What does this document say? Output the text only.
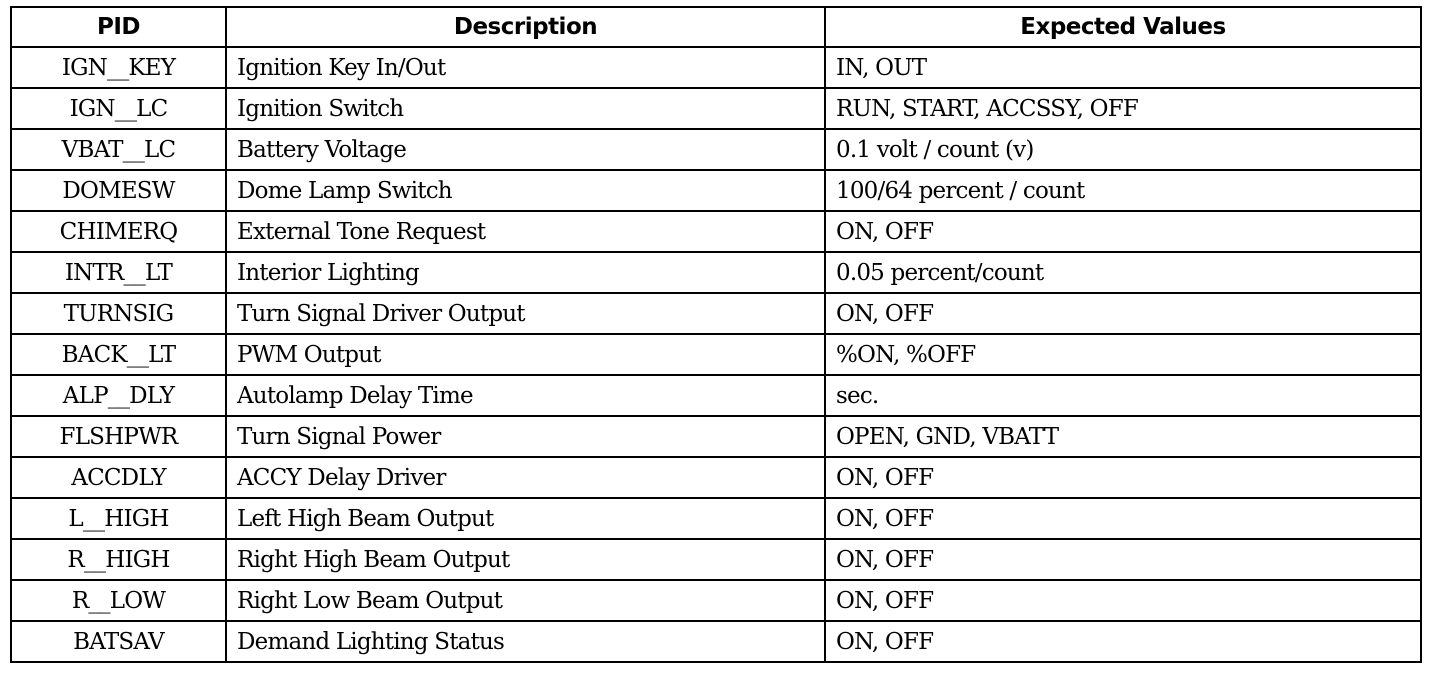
PID	Description	Expected Values
IGN__KEY	Ignition Key In/Out	IN, OUT
IGN__LC	Ignition Switch	RUN, START, ACCSSY, OFF
VBAT__LC	Battery Voltage	0.1 volt / count (v)
DOMESW	Dome Lamp Switch	100/64 percent / count
CHIMERQ	External Tone Request	ON, OFF
INTR__LT	Interior Lighting	0.05 percent/count
TURNSIG	Turn Signal Driver Output	ON, OFF
BACK__LT	PWM Output	%ON, %OFF
ALP__DLY	Autolamp Delay Time	sec.
FLSHPWR	Turn Signal Power	OPEN, GND, VBATT
ACCDLY	ACCY Delay Driver	ON, OFF
L__HIGH	Left High Beam Output	ON, OFF
R__HIGH	Right High Beam Output	ON, OFF
R__LOW	Right Low Beam Output	ON, OFF
BATSAV	Demand Lighting Status	ON, OFF
